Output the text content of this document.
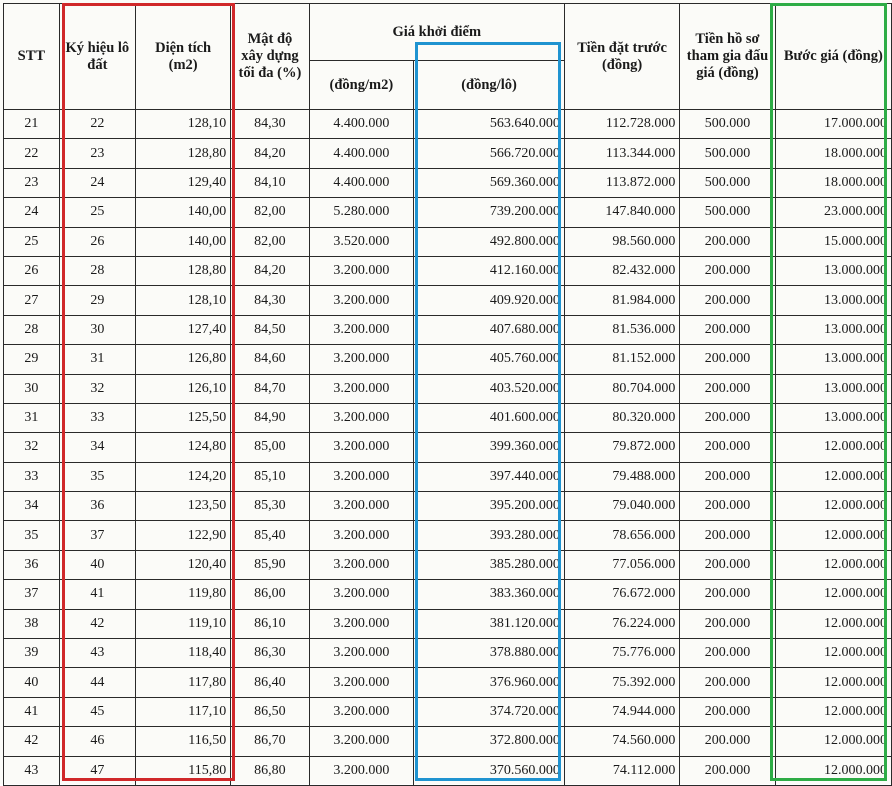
STT	Ký hiệu lô đất	Diện tích (m2)	Mật độ xây dựng tối đa (%)	Giá khởi điểm		Tiền đặt trước (đồng)	Tiền hồ sơ tham gia đấu giá (đồng)	Bước giá (đồng)
				(đồng/m2)	(đồng/lô)			
21	22	128,10	84,30	4.400.000	563.640.000	112.728.000	500.000	17.000.000
22	23	128,80	84,20	4.400.000	566.720.000	113.344.000	500.000	18.000.000
23	24	129,40	84,10	4.400.000	569.360.000	113.872.000	500.000	18.000.000
24	25	140,00	82,00	5.280.000	739.200.000	147.840.000	500.000	23.000.000
25	26	140,00	82,00	3.520.000	492.800.000	98.560.000	200.000	15.000.000
26	28	128,80	84,20	3.200.000	412.160.000	82.432.000	200.000	13.000.000
27	29	128,10	84,30	3.200.000	409.920.000	81.984.000	200.000	13.000.000
28	30	127,40	84,50	3.200.000	407.680.000	81.536.000	200.000	13.000.000
29	31	126,80	84,60	3.200.000	405.760.000	81.152.000	200.000	13.000.000
30	32	126,10	84,70	3.200.000	403.520.000	80.704.000	200.000	13.000.000
31	33	125,50	84,90	3.200.000	401.600.000	80.320.000	200.000	13.000.000
32	34	124,80	85,00	3.200.000	399.360.000	79.872.000	200.000	12.000.000
33	35	124,20	85,10	3.200.000	397.440.000	79.488.000	200.000	12.000.000
34	36	123,50	85,30	3.200.000	395.200.000	79.040.000	200.000	12.000.000
35	37	122,90	85,40	3.200.000	393.280.000	78.656.000	200.000	12.000.000
36	40	120,40	85,90	3.200.000	385.280.000	77.056.000	200.000	12.000.000
37	41	119,80	86,00	3.200.000	383.360.000	76.672.000	200.000	12.000.000
38	42	119,10	86,10	3.200.000	381.120.000	76.224.000	200.000	12.000.000
39	43	118,40	86,30	3.200.000	378.880.000	75.776.000	200.000	12.000.000
40	44	117,80	86,40	3.200.000	376.960.000	75.392.000	200.000	12.000.000
41	45	117,10	86,50	3.200.000	374.720.000	74.944.000	200.000	12.000.000
42	46	116,50	86,70	3.200.000	372.800.000	74.560.000	200.000	12.000.000
43	47	115,80	86,80	3.200.000	370.560.000	74.112.000	200.000	12.000.000
